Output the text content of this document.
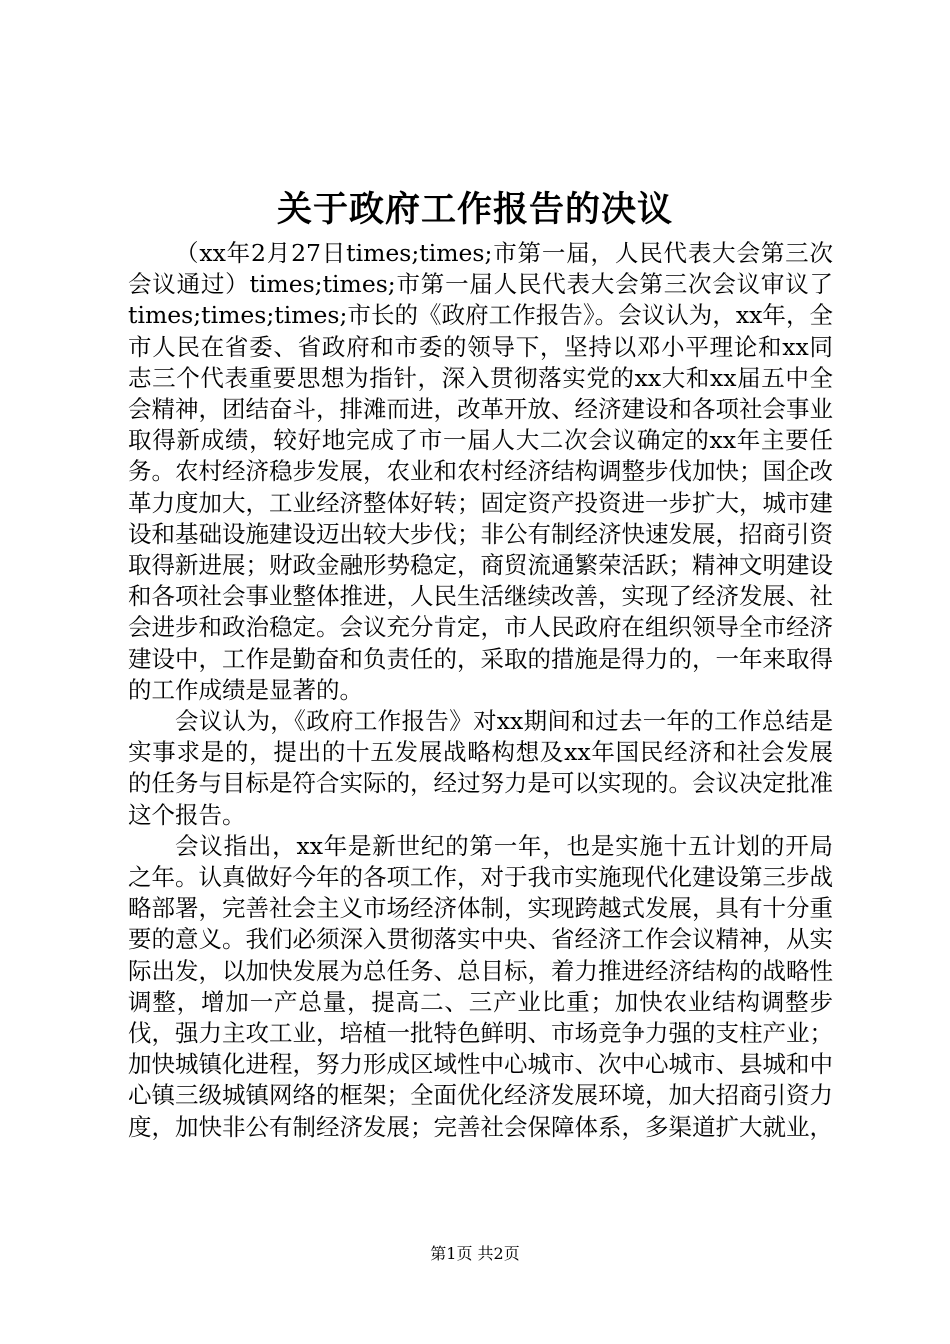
关于政府工作报告的决议

（xx年2月27日times;times;市第一届，人民代表大会第三次会议通过）times;times;市第一届人民代表大会第三次会议审议了times;times;times;市长的《政府工作报告》。会议认为，xx年，全市人民在省委、省政府和市委的领导下，坚持以邓小平理论和xx同志三个代表重要思想为指针，深入贯彻落实党的xx大和xx届五中全会精神，团结奋斗，排滩而进，改革开放、经济建设和各项社会事业取得新成绩，较好地完成了市一届人大二次会议确定的xx年主要任务。农村经济稳步发展，农业和农村经济结构调整步伐加快；国企改革力度加大，工业经济整体好转；固定资产投资进一步扩大，城市建设和基础设施建设迈出较大步伐；非公有制经济快速发展，招商引资取得新进展；财政金融形势稳定，商贸流通繁荣活跃；精神文明建设和各项社会事业整体推进，人民生活继续改善，实现了经济发展、社会进步和政治稳定。会议充分肯定，市人民政府在组织领导全市经济建设中，工作是勤奋和负责任的，采取的措施是得力的，一年来取得的工作成绩是显著的。

会议认为，《政府工作报告》对xx期间和过去一年的工作总结是实事求是的，提出的十五发展战略构想及xx年国民经济和社会发展的任务与目标是符合实际的，经过努力是可以实现的。会议决定批准这个报告。

会议指出，xx年是新世纪的第一年，也是实施十五计划的开局之年。认真做好今年的各项工作，对于我市实施现代化建设第三步战略部署，完善社会主义市场经济体制，实现跨越式发展，具有十分重要的意义。我们必须深入贯彻落实中央、省经济工作会议精神，从实际出发，以加快发展为总任务、总目标，着力推进经济结构的战略性调整，增加一产总量，提高二、三产业比重；加快农业结构调整步伐，强力主攻工业，培植一批特色鲜明、市场竞争力强的支柱产业；加快城镇化进程，努力形成区域性中心城市、次中心城市、县城和中心镇三级城镇网络的框架；全面优化经济发展环境，加大招商引资力度，加快非公有制经济发展；完善社会保障体系，多渠道扩大就业，

第1页 共2页
